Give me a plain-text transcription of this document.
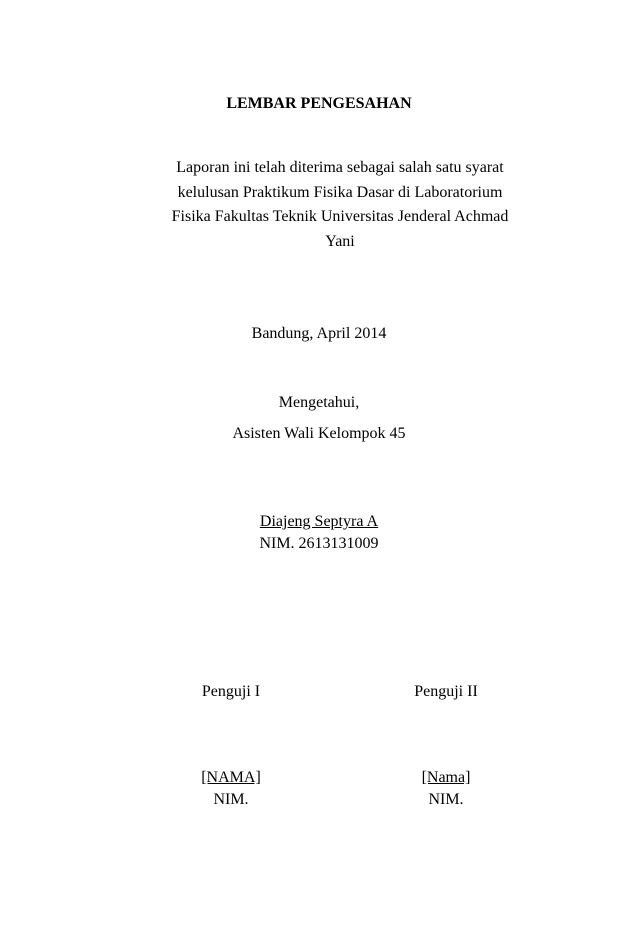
LEMBAR PENGESAHAN
Laporan ini telah diterima sebagai salah satu syarat
kelulusan Praktikum Fisika Dasar di Laboratorium
Fisika Fakultas Teknik Universitas Jenderal Achmad
Yani
Bandung, April 2014
Mengetahui,
Asisten Wali Kelompok 45
Diajeng Septyra A
NIM. 2613131009
Penguji I
[NAMA]
NIM.
Penguji II
[Nama]
NIM.
